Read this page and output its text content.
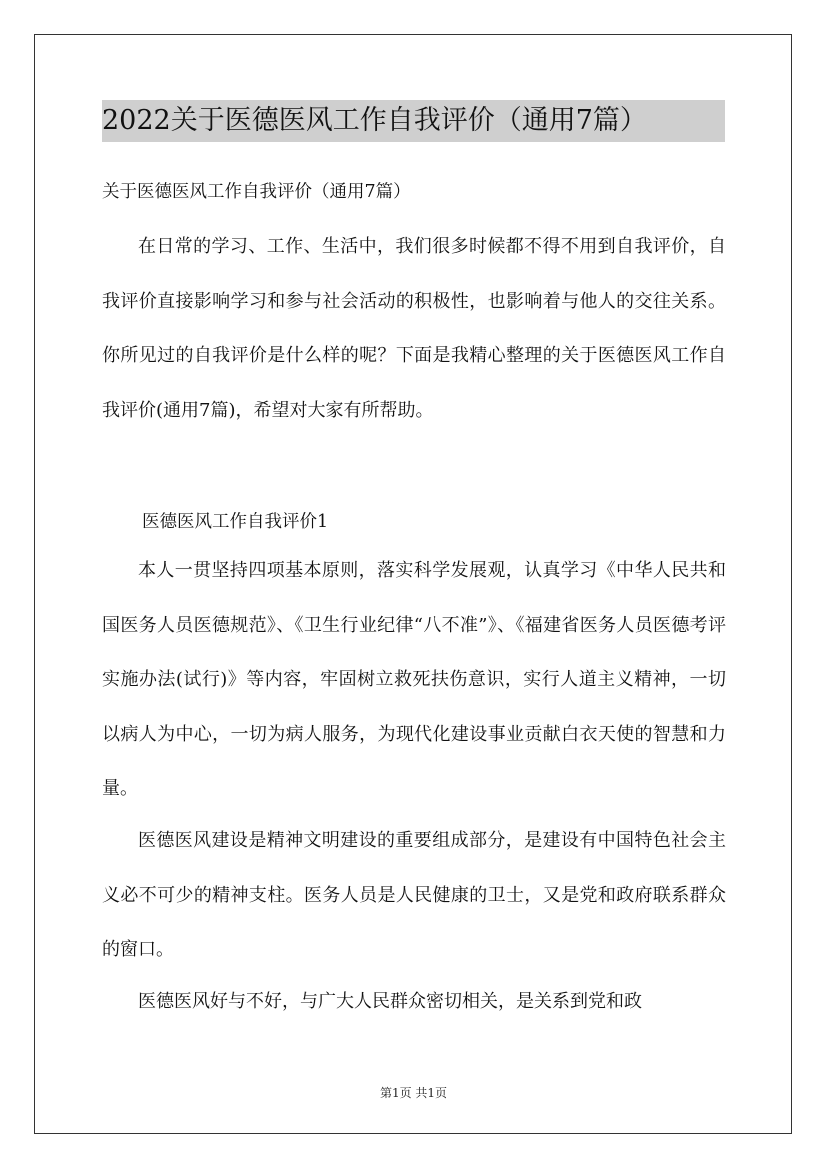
2022关于医德医风工作自我评价（通用7篇）
关于医德医风工作自我评价（通用7篇）
在日常的学习、工作、生活中，我们很多时候都不得不用到自我评价，自我评价直接影响学习和参与社会活动的积极性，也影响着与他人的交往关系。你所见过的自我评价是什么样的呢？下面是我精心整理的关于医德医风工作自我评价(通用7篇)，希望对大家有所帮助。
医德医风工作自我评价1
本人一贯坚持四项基本原则，落实科学发展观，认真学习《中华人民共和国医务人员医德规范》、《卫生行业纪律“八不准”》、《福建省医务人员医德考评实施办法(试行)》等内容，牢固树立救死扶伤意识，实行人道主义精神，一切以病人为中心，一切为病人服务，为现代化建设事业贡献白衣天使的智慧和力量。
医德医风建设是精神文明建设的重要组成部分，是建设有中国特色社会主义必不可少的精神支柱。医务人员是人民健康的卫士，又是党和政府联系群众的窗口。
医德医风好与不好，与广大人民群众密切相关，是关系到党和政
第1页 共1页
